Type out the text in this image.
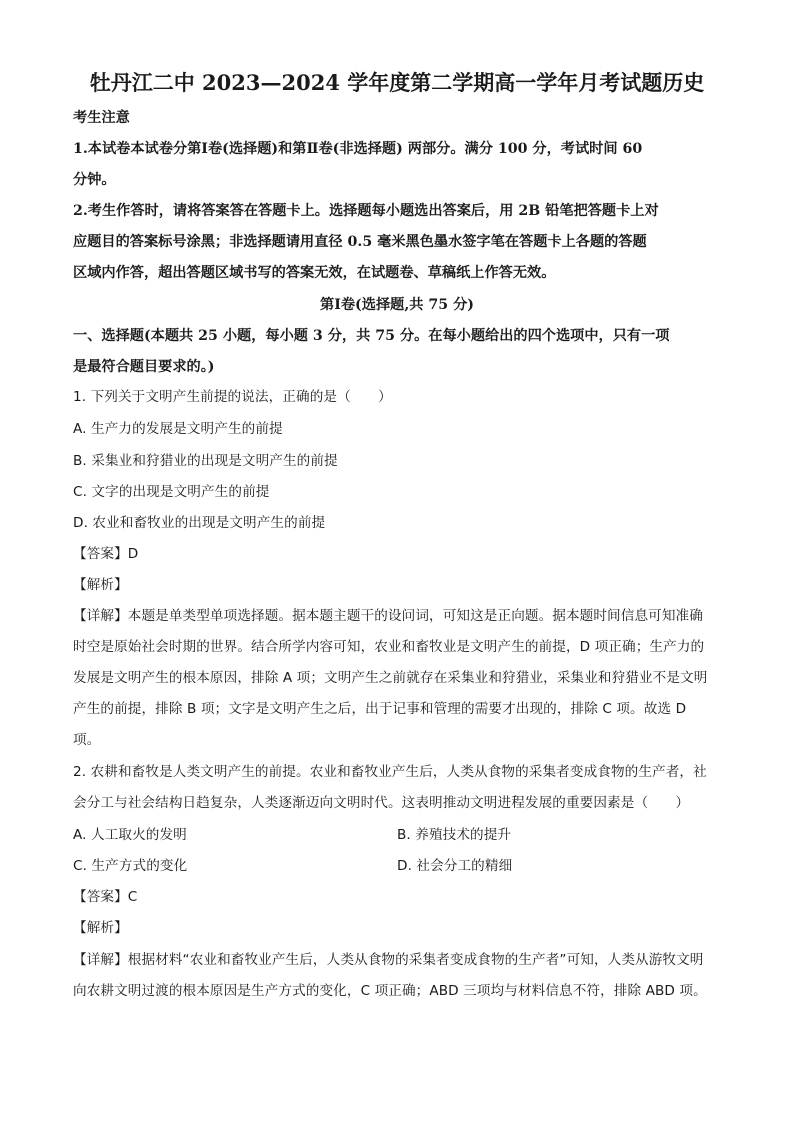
牡丹江二中 2023—2024 学年度第二学期高一学年月考试题历史
考生注意
1.本试卷本试卷分第Ⅰ卷(选择题)和第Ⅱ卷(非选择题) 两部分。满分 100 分，考试时间 60
分钟。
2.考生作答时，请将答案答在答题卡上。选择题每小题选出答案后，用 2B 铅笔把答题卡上对
应题目的答案标号涂黑；非选择题请用直径 0.5 毫米黑色墨水签字笔在答题卡上各题的答题
区域内作答，超出答题区域书写的答案无效，在试题卷、草稿纸上作答无效。
第Ⅰ卷(选择题,共 75 分)
一、选择题(本题共 25 小题，每小题 3 分，共 75 分。在每小题给出的四个选项中，只有一项
是最符合题目要求的。)
1. 下列关于文明产生前提的说法，正确的是（　　）
A. 生产力的发展是文明产生的前提
B. 采集业和狩猎业的出现是文明产生的前提
C. 文字的出现是文明产生的前提
D. 农业和畜牧业的出现是文明产生的前提
【答案】D
【解析】
【详解】本题是单类型单项选择题。据本题主题干的设问词，可知这是正向题。据本题时间信息可知准确
时空是原始社会时期的世界。结合所学内容可知，农业和畜牧业是文明产生的前提，D 项正确；生产力的
发展是文明产生的根本原因，排除 A 项；文明产生之前就存在采集业和狩猎业，采集业和狩猎业不是文明
产生的前提，排除 B 项；文字是文明产生之后，出于记事和管理的需要才出现的，排除 C 项。故选 D
项。
2. 农耕和畜牧是人类文明产生的前提。农业和畜牧业产生后，人类从食物的采集者变成食物的生产者，社
会分工与社会结构日趋复杂，人类逐渐迈向文明时代。这表明推动文明进程发展的重要因素是（　　）
A. 人工取火的发明	B. 养殖技术的提升
C. 生产方式的变化	D. 社会分工的精细
【答案】C
【解析】
【详解】根据材料“农业和畜牧业产生后，人类从食物的采集者变成食物的生产者”可知，人类从游牧文明
向农耕文明过渡的根本原因是生产方式的变化，C 项正确；ABD 三项均与材料信息不符，排除 ABD 项。
